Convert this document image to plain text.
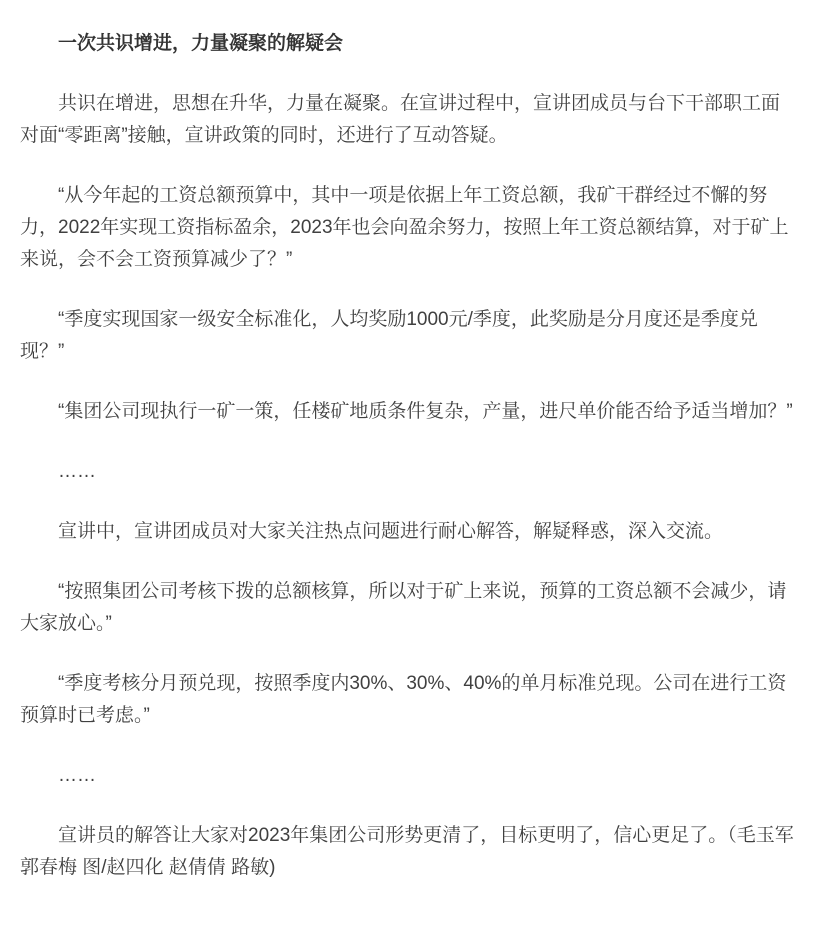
一次共识增进，力量凝聚的解疑会

共识在增进，思想在升华，力量在凝聚。在宣讲过程中，宣讲团成员与台下干部职工面对面“零距离”接触，宣讲政策的同时，还进行了互动答疑。

“从今年起的工资总额预算中，其中一项是依据上年工资总额，我矿干群经过不懈的努力，2022年实现工资指标盈余，2023年也会向盈余努力，按照上年工资总额结算，对于矿上来说，会不会工资预算减少了？”

“季度实现国家一级安全标准化，人均奖励1000元/季度，此奖励是分月度还是季度兑现？”

“集团公司现执行一矿一策，任楼矿地质条件复杂，产量，进尺单价能否给予适当增加？”

……

宣讲中，宣讲团成员对大家关注热点问题进行耐心解答，解疑释惑，深入交流。

“按照集团公司考核下拨的总额核算，所以对于矿上来说，预算的工资总额不会减少，请大家放心。”

“季度考核分月预兑现，按照季度内30%、30%、40%的单月标准兑现。公司在进行工资预算时已考虑。”

……

宣讲员的解答让大家对2023年集团公司形势更清了，目标更明了，信心更足了。（毛玉军 郭春梅 图/赵四化 赵倩倩 路敏)
